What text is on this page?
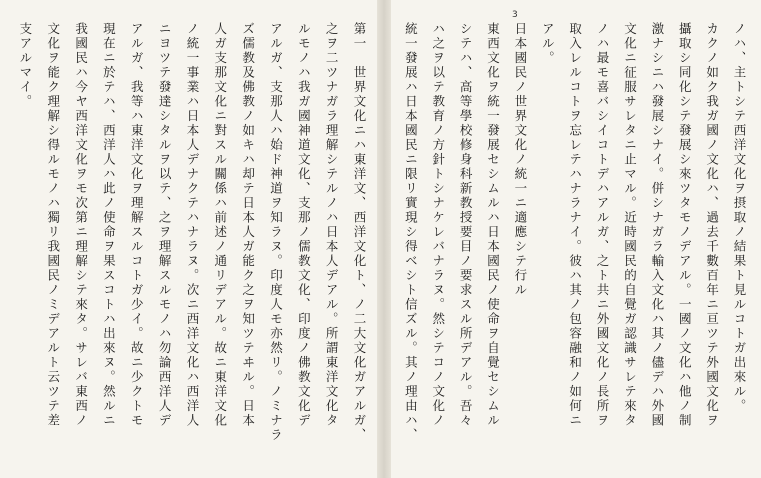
3
ノハ、主トシテ西洋文化ヲ摂取ノ結果ト見ルコトガ出來ル。
カクノ如ク我ガ國ノ文化ハ、過去千數百年ニ亘ツテ外國文化ヲ
攝取シ同化シテ發展シ來ツタモノデアル。一國ノ文化ハ他ノ制
激ナシニハ發展シナイ。併シナガラ輸入文化ハ其ノ儘デハ外國
文化ニ征服サレタニ止マル。近時國民的自覺ガ認識サレテ來タ
ノハ最モ喜バシイコトデハアルガ、之ト共ニ外國文化ノ長所ヲ
取入レルコトヲ忘レテハナラナイ。彼ハ其ノ包容融和ノ如何ニ
アル。
日本國民ノ世界文化ノ統一ニ適應シテ行ル
東西文化ヲ統一發展セシムルハ日本國民ノ使命ヲ自覺セシムル
シテハ、高等學校修身科新教授要目ノ要求スル所デアル。吾々
ハ之ヲ以テ教育ノ方針トシナケレバナラヌ。然シテコノ文化ノ
統一發展ハ日本國民ニ限リ實現シ得ベシト信ズル。其ノ理由ハ、
第一　世界文化ニハ東洋文、西洋文化ト、ノ二大文化ガアルガ、
之ヲ二ツナガラ理解シテルノハ日本人デアル。所謂東洋文化タ
ルモノハ我ガ國神道文化、支那ノ儒教文化、印度ノ佛教文化デ
アルガ、支那人ハ始ド神道ヲ知ラヌ。印度人モ亦然リ。ノミナラ
ズ儒教及佛教ノ如キハ却テ日本人ガ能ク之ヲ知ツテヰル。日本
人ガ支那文化ニ對スル關係ハ前述ノ通リデアル。故ニ東洋文化
ノ統一事業ハ日本人デナクテハナラヌ。次ニ西洋文化ハ西洋人
ニヨツテ發達シタルヲ以テ、之ヲ理解スルモノハ勿論西洋人デ
アルガ、我等ハ東洋文化ヲ理解スルコトガ少イ。故ニ少クトモ
現在ニ於テハ、西洋人ハ此ノ使命ヲ果スコトハ出來ヌ。然ルニ
我國民ハ今ヤ西洋文化ヲモ次第ニ理解シテ來タ。サレバ東西ノ
文化ヲ能ク理解シ得ルモノハ獨リ我國民ノミデアルト云ツテ差
支アルマイ。
